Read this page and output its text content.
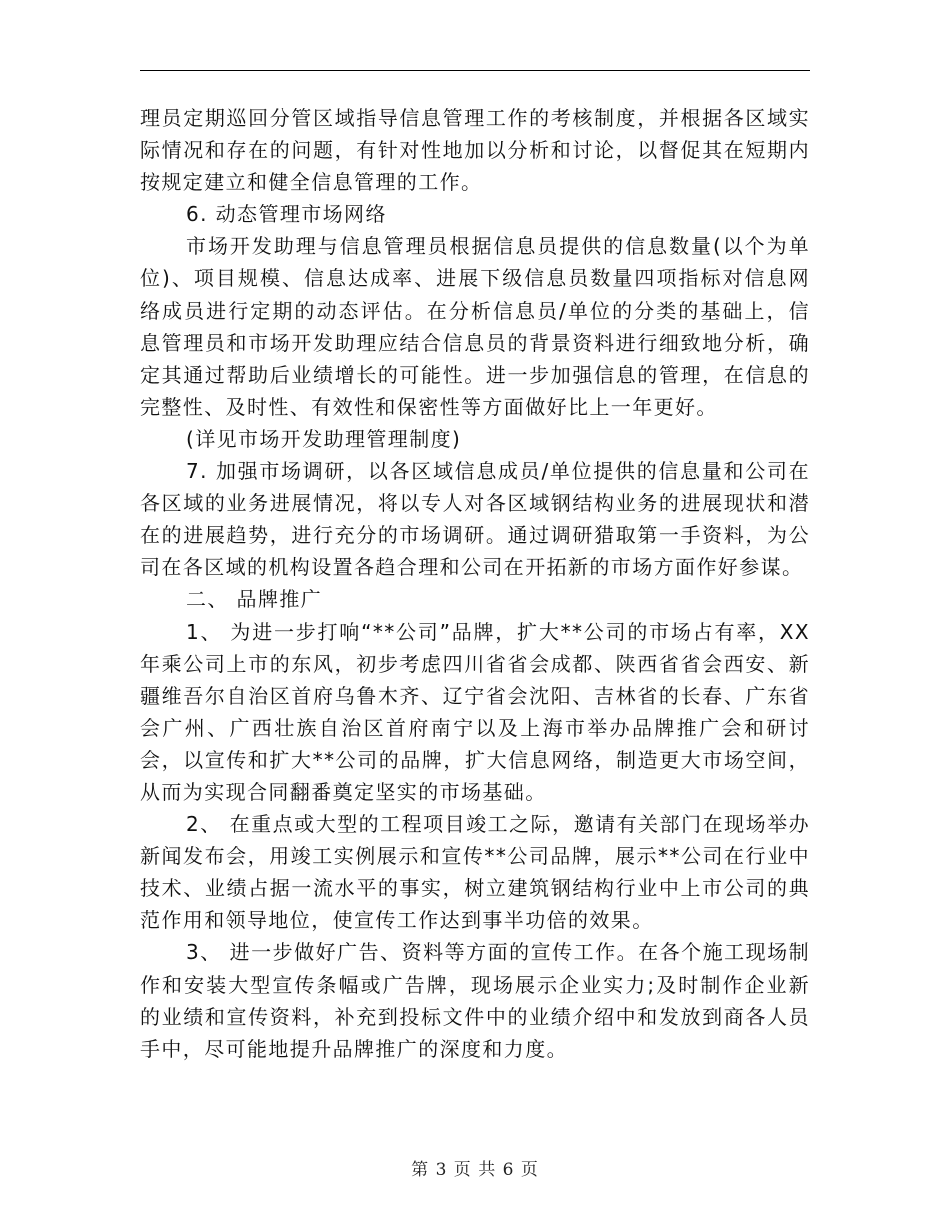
理员定期巡回分管区域指导信息管理工作的考核制度，并根据各区域实际情况和存在的问题，有针对性地加以分析和讨论，以督促其在短期内按规定建立和健全信息管理的工作。

6. 动态管理市场网络

市场开发助理与信息管理员根据信息员提供的信息数量(以个为单位)、项目规模、信息达成率、进展下级信息员数量四项指标对信息网络成员进行定期的动态评估。在分析信息员/单位的分类的基础上，信息管理员和市场开发助理应结合信息员的背景资料进行细致地分析，确定其通过帮助后业绩增长的可能性。进一步加强信息的管理，在信息的完整性、及时性、有效性和保密性等方面做好比上一年更好。

(详见市场开发助理管理制度)

7. 加强市场调研，以各区域信息成员/单位提供的信息量和公司在各区域的业务进展情况，将以专人对各区域钢结构业务的进展现状和潜在的进展趋势，进行充分的市场调研。通过调研猎取第一手资料，为公司在各区域的机构设置各趋合理和公司在开拓新的市场方面作好参谋。

二、 品牌推广

1、 为进一步打响“**公司”品牌，扩大**公司的市场占有率，XX年乘公司上市的东风，初步考虑四川省省会成都、陕西省省会西安、新疆维吾尔自治区首府乌鲁木齐、辽宁省会沈阳、吉林省的长春、广东省会广州、广西壮族自治区首府南宁以及上海市举办品牌推广会和研讨会，以宣传和扩大**公司的品牌，扩大信息网络，制造更大市场空间，从而为实现合同翻番奠定坚实的市场基础。

2、 在重点或大型的工程项目竣工之际，邀请有关部门在现场举办新闻发布会，用竣工实例展示和宣传**公司品牌，展示**公司在行业中技术、业绩占据一流水平的事实，树立建筑钢结构行业中上市公司的典范作用和领导地位，使宣传工作达到事半功倍的效果。

3、 进一步做好广告、资料等方面的宣传工作。在各个施工现场制作和安装大型宣传条幅或广告牌，现场展示企业实力;及时制作企业新的业绩和宣传资料，补充到投标文件中的业绩介绍中和发放到商各人员手中，尽可能地提升品牌推广的深度和力度。

第 3 页 共 6 页
